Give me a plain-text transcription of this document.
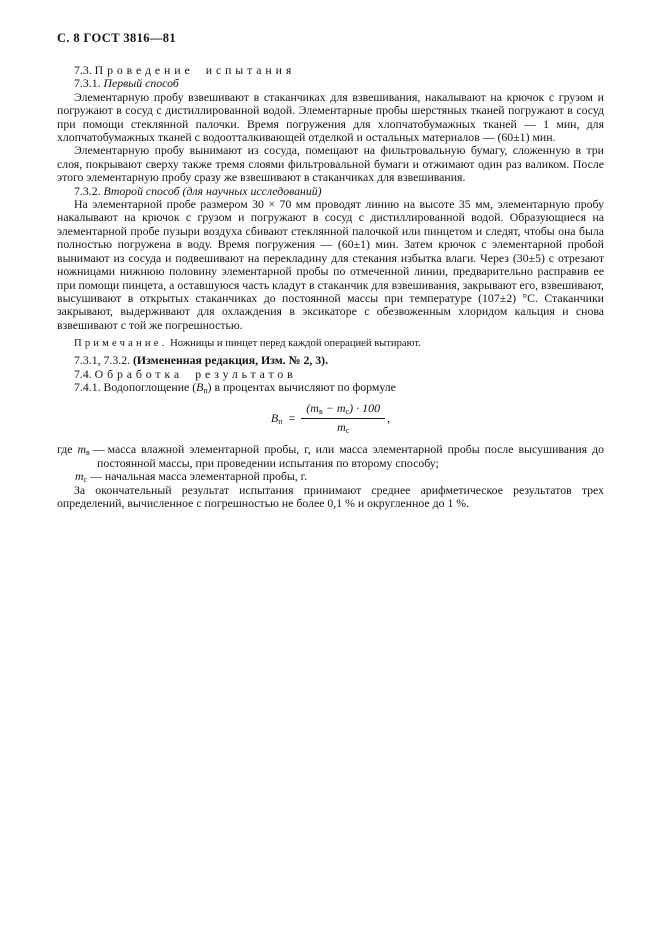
С. 8 ГОСТ 3816—81
7.3. Проведение испытания
7.3.1. Первый способ

Элементарную пробу взвешивают в стаканчиках для взвешивания, накалывают на крючок с грузом и погружают в сосуд с дистиллированной водой. Элементарные пробы шерстяных тканей погружают в сосуд при помощи стеклянной палочки. Время погружения для хлопчатобумажных тканей — 1 мин, для хлопчатобумажных тканей с водоотталкивающей отделкой и остальных материалов — (60±1) мин.

Элементарную пробу вынимают из сосуда, помещают на фильтровальную бумагу, сложенную в три слоя, покрывают сверху также тремя слоями фильтровальной бумаги и отжимают один раз валиком. После этого элементарную пробу сразу же взвешивают в стаканчиках для взвешивания.

7.3.2. Второй способ (для научных исследований)

На элементарной пробе размером 30 × 70 мм проводят линию на высоте 35 мм, элементарную пробу накалывают на крючок с грузом и погружают в сосуд с дистиллированной водой. Образующиеся на элементарной пробе пузыри воздуха сбивают стеклянной палочкой или пинцетом и следят, чтобы она была полностью погружена в воду. Время погружения — (60±1) мин. Затем крючок с элементарной пробой вынимают из сосуда и подвешивают на перекладину для стекания избытка влаги. Через (30±5) с отрезают ножницами нижнюю половину элементарной пробы по отмеченной линии, предварительно расправив ее при помощи пинцета, а оставшуюся часть кладут в стаканчик для взвешивания, закрывают его, взвешивают, высушивают в открытых стаканчиках до постоянной массы при температуре (107±2) °С. Стаканчики закрывают, выдерживают для охлаждения в эксикаторе с обезвоженным хлоридом кальция и снова взвешивают с той же погрешностью.

Примечание. Ножницы и пинцет перед каждой операцией вытирают.
7.3.1, 7.3.2. (Измененная редакция, Изм. № 2, 3).
7.4. Обработка результатов
7.4.1. Водопоглощение $(В_п)$ в процентах вычисляют по формуле
$В_п = \frac{(m_в - m_с) \cdot 100}{m_с}$ ,
где $m_в$ — масса влажной элементарной пробы, г, или масса элементарной пробы после высушивания до постоянной массы, при проведении испытания по второму способу;
$m_с$ — начальная масса элементарной пробы, г.

За окончательный результат испытания принимают среднее арифметическое результатов трех определений, вычисленное с погрешностью не более 0,1 % и округленное до 1 %.
